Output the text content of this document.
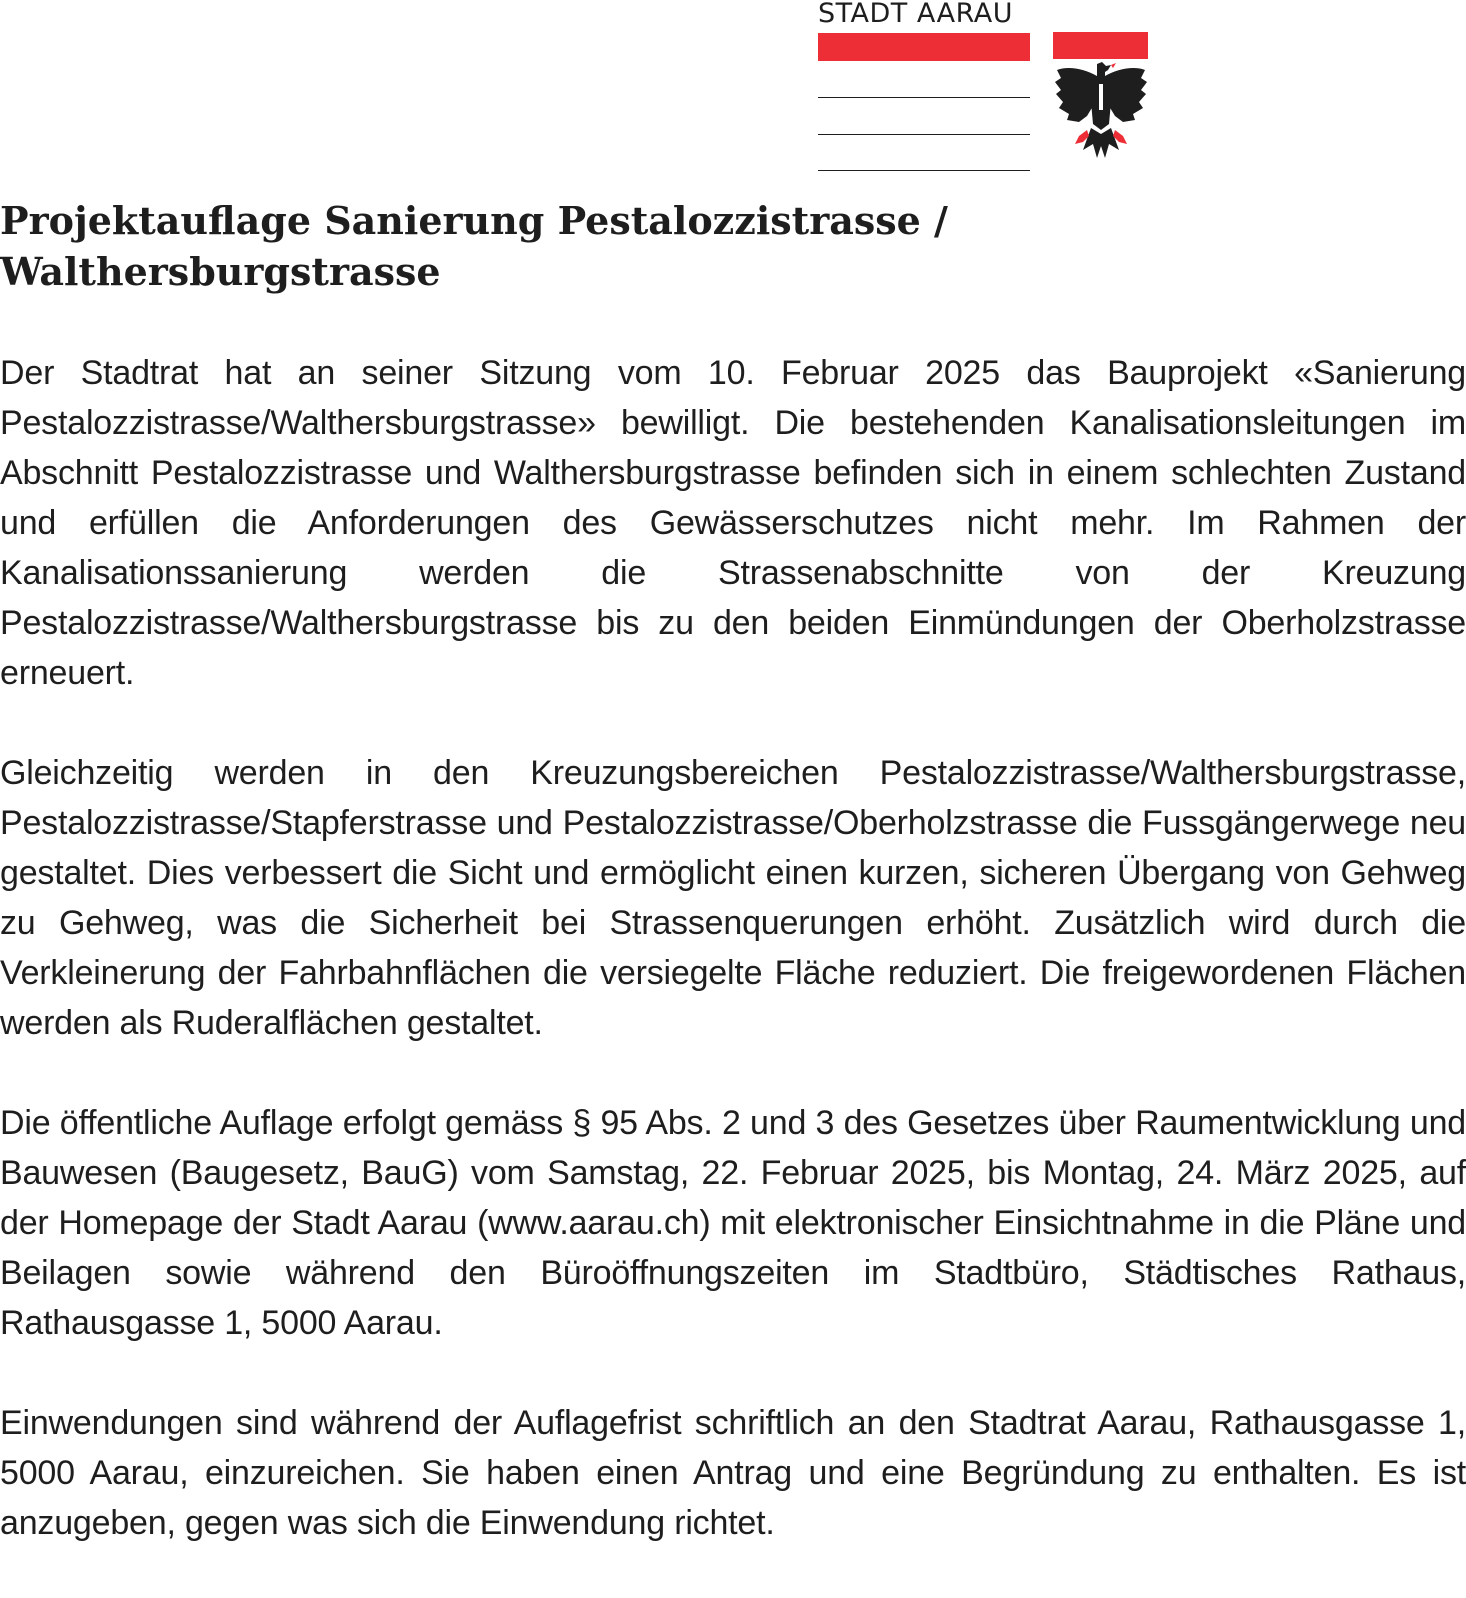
STADT AARAU
Projektauflage Sanierung Pestalozzistrasse / Walthersburgstrasse

Der Stadtrat hat an seiner Sitzung vom 10. Februar 2025 das Bauprojekt «Sanierung Pestalozzistrasse/Walthersburgstrasse» bewilligt. Die bestehenden Kanalisationsleitungen im Abschnitt Pestalozzistrasse und Walthersburgstrasse befinden sich in einem schlechten Zustand und erfüllen die Anforderungen des Gewässerschutzes nicht mehr. Im Rahmen der Kanalisationssanierung werden die Strassenabschnitte von der Kreuzung Pestalozzistrasse/Walthersburgstrasse bis zu den beiden Einmündungen der Oberholzstrasse erneuert.

Gleichzeitig werden in den Kreuzungsbereichen Pestalozzistrasse/Walthersburgstrasse, Pestalozzistrasse/Stapferstrasse und Pestalozzistrasse/Oberholzstrasse die Fussgängerwege neu gestaltet. Dies verbessert die Sicht und ermöglicht einen kurzen, sicheren Übergang von Gehweg zu Gehweg, was die Sicherheit bei Strassenquerungen erhöht. Zusätzlich wird durch die Verkleinerung der Fahrbahnflächen die versiegelte Fläche reduziert. Die freigewordenen Flächen werden als Ruderalflächen gestaltet.

Die öffentliche Auflage erfolgt gemäss § 95 Abs. 2 und 3 des Gesetzes über Raumentwicklung und Bauwesen (Baugesetz, BauG) vom Samstag, 22. Februar 2025, bis Montag, 24. März 2025, auf der Homepage der Stadt Aarau (www.aarau.ch) mit elektronischer Einsichtnahme in die Pläne und Beilagen sowie während den Büroöffnungszeiten im Stadtbüro, Städtisches Rathaus, Rathausgasse 1, 5000 Aarau.

Einwendungen sind während der Auflagefrist schriftlich an den Stadtrat Aarau, Rathausgasse 1, 5000 Aarau, einzureichen. Sie haben einen Antrag und eine Begründung zu enthalten. Es ist anzugeben, gegen was sich die Einwendung richtet.
